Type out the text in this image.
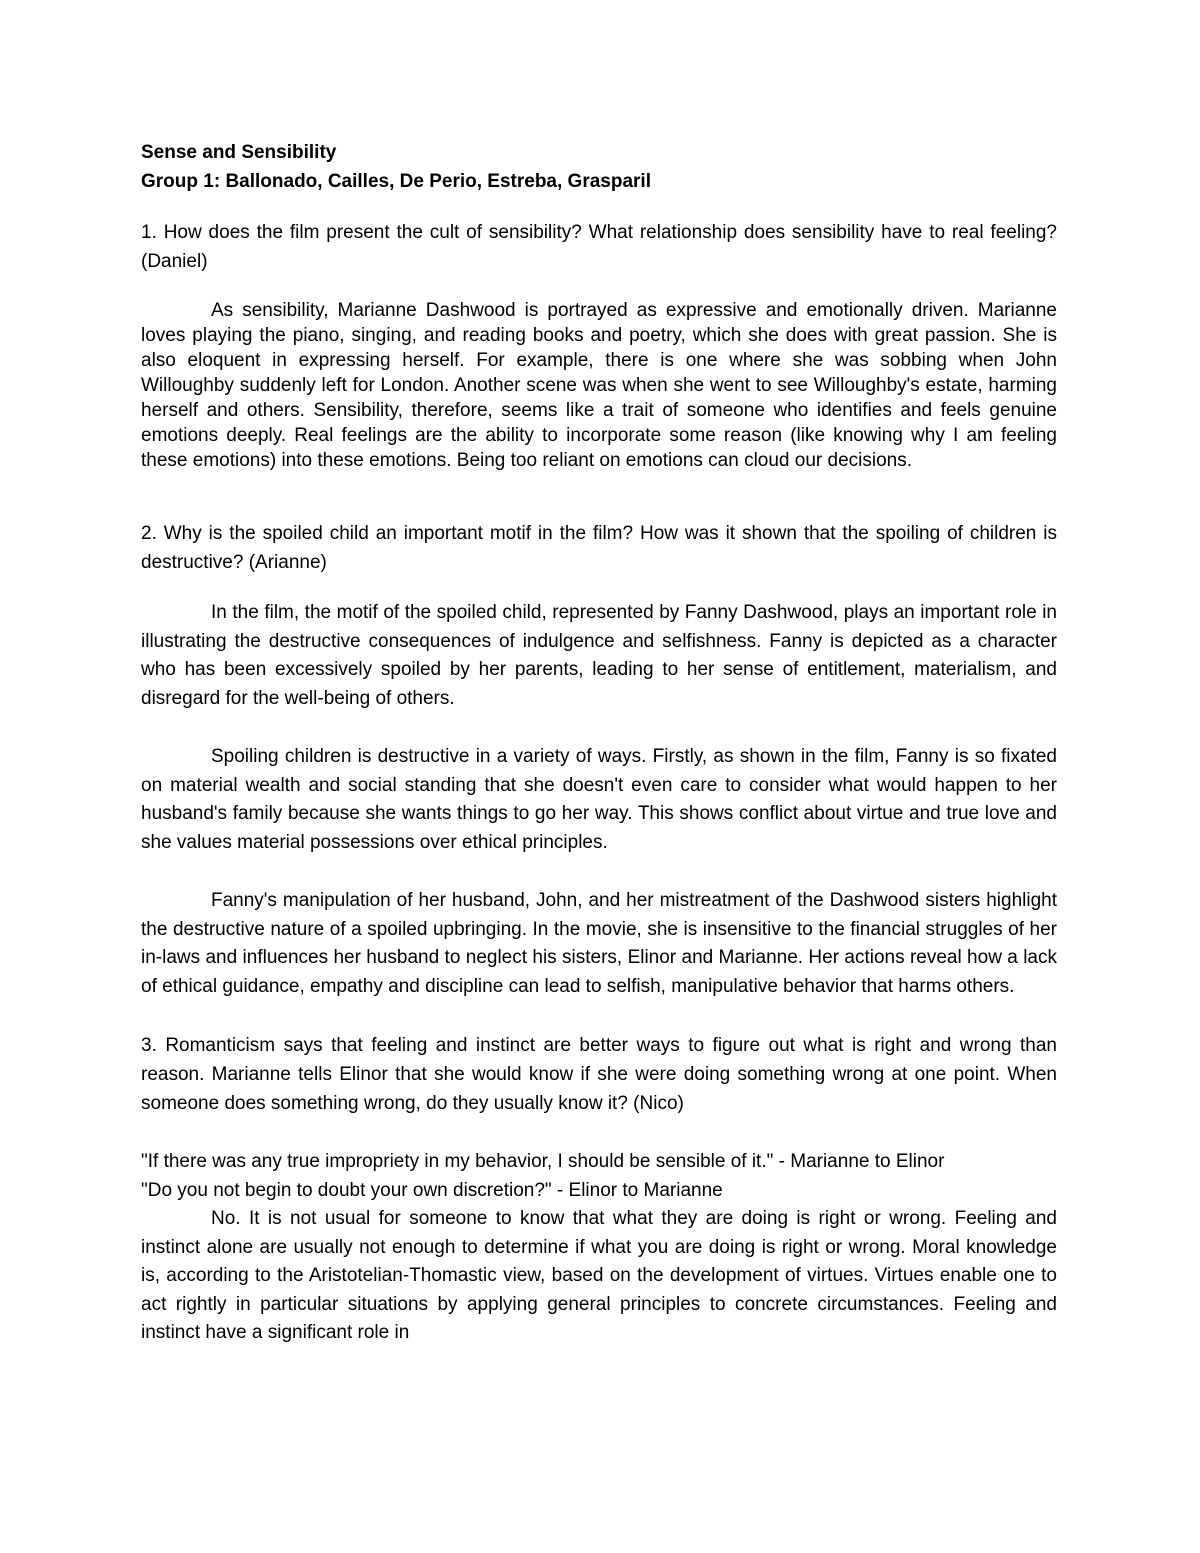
Sense and Sensibility

Group 1: Ballonado, Cailles, De Perio, Estreba, Grasparil

1. How does the film present the cult of sensibility? What relationship does sensibility have to real feeling? (Daniel)

As sensibility, Marianne Dashwood is portrayed as expressive and emotionally driven. Marianne loves playing the piano, singing, and reading books and poetry, which she does with great passion. She is also eloquent in expressing herself. For example, there is one where she was sobbing when John Willoughby suddenly left for London. Another scene was when she went to see Willoughby's estate, harming herself and others. Sensibility, therefore, seems like a trait of someone who identifies and feels genuine emotions deeply. Real feelings are the ability to incorporate some reason (like knowing why I am feeling these emotions) into these emotions. Being too reliant on emotions can cloud our decisions.

2. Why is the spoiled child an important motif in the film? How was it shown that the spoiling of children is destructive? (Arianne)

In the film, the motif of the spoiled child, represented by Fanny Dashwood, plays an important role in illustrating the destructive consequences of indulgence and selfishness. Fanny is depicted as a character who has been excessively spoiled by her parents, leading to her sense of entitlement, materialism, and disregard for the well-being of others.

Spoiling children is destructive in a variety of ways. Firstly, as shown in the film, Fanny is so fixated on material wealth and social standing that she doesn't even care to consider what would happen to her husband's family because she wants things to go her way. This shows conflict about virtue and true love and she values material possessions over ethical principles.

Fanny's manipulation of her husband, John, and her mistreatment of the Dashwood sisters highlight the destructive nature of a spoiled upbringing. In the movie, she is insensitive to the financial struggles of her in-laws and influences her husband to neglect his sisters, Elinor and Marianne. Her actions reveal how a lack of ethical guidance, empathy and discipline can lead to selfish, manipulative behavior that harms others.

3. Romanticism says that feeling and instinct are better ways to figure out what is right and wrong than reason. Marianne tells Elinor that she would know if she were doing something wrong at one point. When someone does something wrong, do they usually know it? (Nico)

"If there was any true impropriety in my behavior, I should be sensible of it." - Marianne to Elinor

"Do you not begin to doubt your own discretion?" - Elinor to Marianne

No. It is not usual for someone to know that what they are doing is right or wrong. Feeling and instinct alone are usually not enough to determine if what you are doing is right or wrong. Moral knowledge is, according to the Aristotelian-Thomastic view, based on the development of virtues. Virtues enable one to act rightly in particular situations by applying general principles to concrete circumstances. Feeling and instinct have a significant role in
